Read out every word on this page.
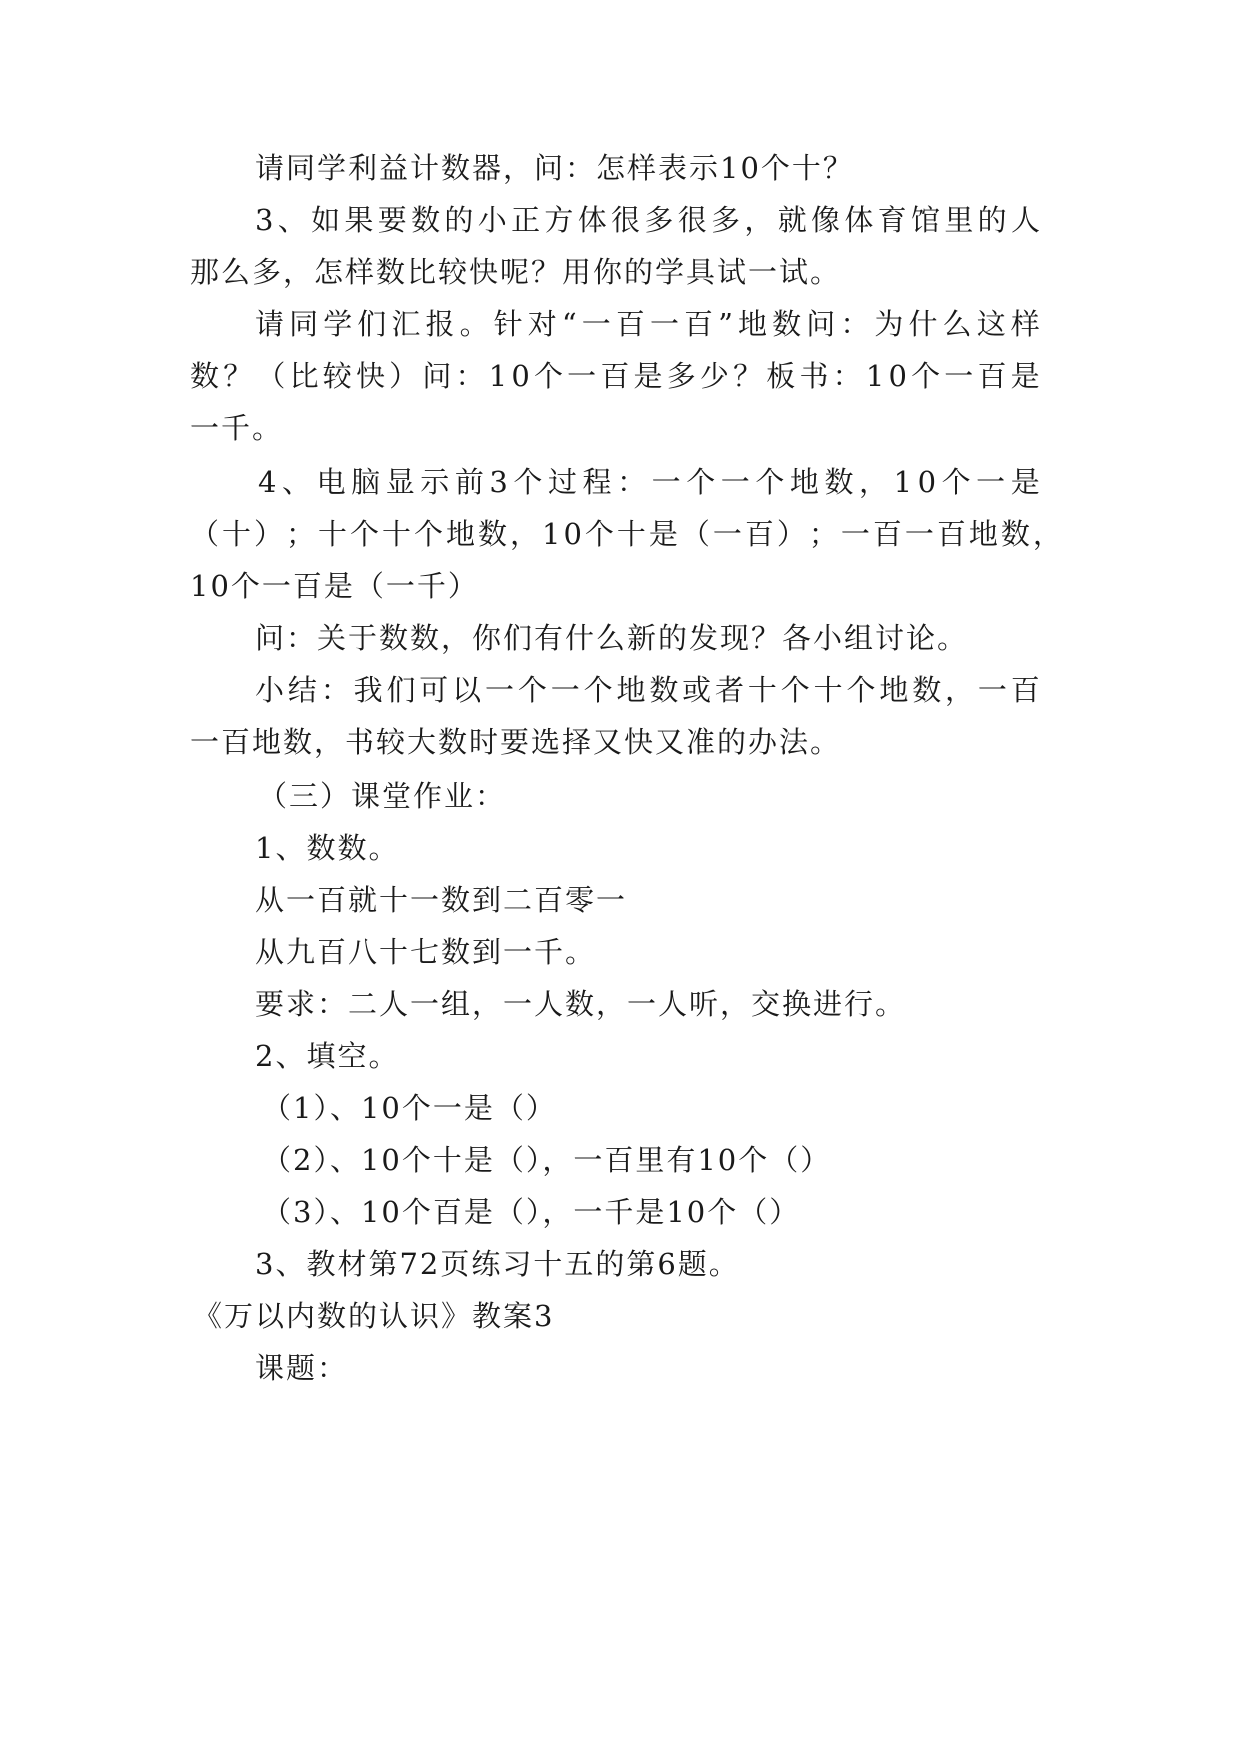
请同学利益计数器，问：怎样表示10个十？
3 、 如 果 要 数 的 小 正 方 体 很 多 很 多 ， 就 像 体 育 馆 里 的 人
那么多，怎样数比较快呢？用你的学具试一试。
请 同 学 们 汇 报 。 针 对 “ 一 百 一 百 ” 地 数 问 ： 为 什 么 这 样
数 ？ （ 比 较 快 ） 问 ： 1 0 个 一 百 是 多 少 ？ 板 书 ： 1 0 个 一 百 是
一千。
4 、 电 脑 显 示 前 3 个 过 程 ： 一 个 一 个 地 数 ， 1 0 个 一 是
（ 十 ） ； 十 个 十 个 地 数 ， 1 0 个 十 是 （ 一 百 ） ； 一 百 一 百 地 数 ，
10个一百是（一千）
问：关于数数，你们有什么新的发现？各小组讨论。
小 结 ： 我 们 可 以 一 个 一 个 地 数 或 者 十 个 十 个 地 数 ， 一 百
一百地数，书较大数时要选择又快又准的办法。
（三）课堂作业：
1、数数。
从一百就十一数到二百零一
从九百八十七数到一千。
要求：二人一组，一人数，一人听，交换进行。
2、填空。
（1）、10个一是（）
（2）、10个十是（），一百里有10个（）
（3）、10个百是（），一千是10个（）
3、教材第72页练习十五的第6题。
《万以内数的认识》教案3
课题：
